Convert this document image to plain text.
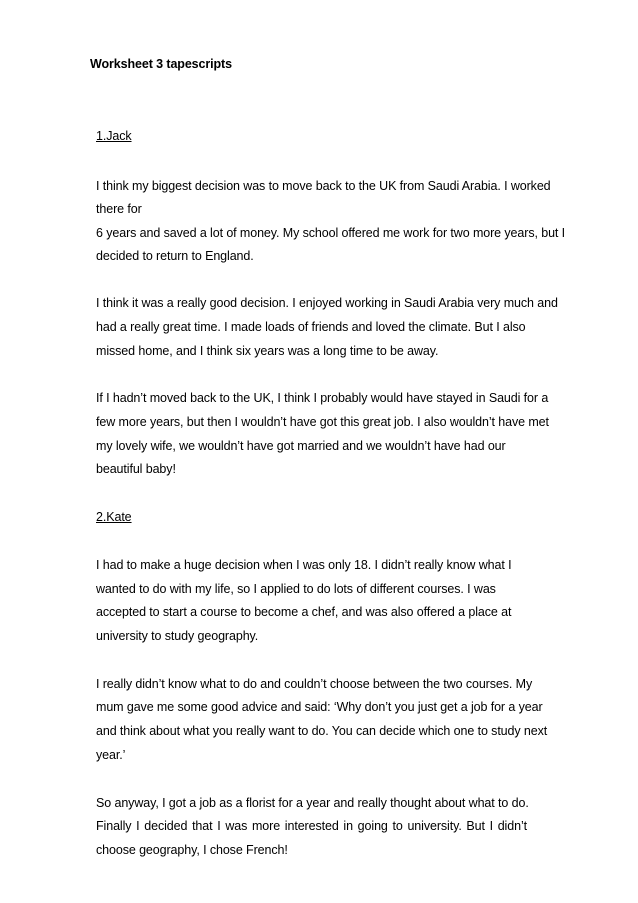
Worksheet 3 tapescripts
1.Jack
I think my biggest decision was to move back to the UK from Saudi Arabia. I worked
there for
6 years and saved a lot of money. My school offered me work for two more years, but I
decided to return to England.
I think it was a really good decision. I enjoyed working in Saudi Arabia very much and
had a really great time. I made loads of friends and loved the climate. But I also
missed home, and I think six years was a long time to be away.
If I hadn’t moved back to the UK, I think I probably would have stayed in Saudi for a
few more years, but then I wouldn’t have got this great job. I also wouldn’t have met
my lovely wife, we wouldn’t have got married and we wouldn’t have had our
beautiful baby!
2.Kate
I had to make a huge decision when I was only 18. I didn’t really know what I
wanted to do with my life, so I applied to do lots of different courses. I was
accepted to start a course to become a chef, and was also offered a place at
university to study geography.
I really didn’t know what to do and couldn’t choose between the two courses. My
mum gave me some good advice and said: ‘Why don’t you just get a job for a year
and think about what you really want to do. You can decide which one to study next
year.’
So anyway, I got a job as a florist for a year and really thought about what to do.
Finally I decided that I was more interested in going to university. But I didn’t
choose geography, I chose French!
